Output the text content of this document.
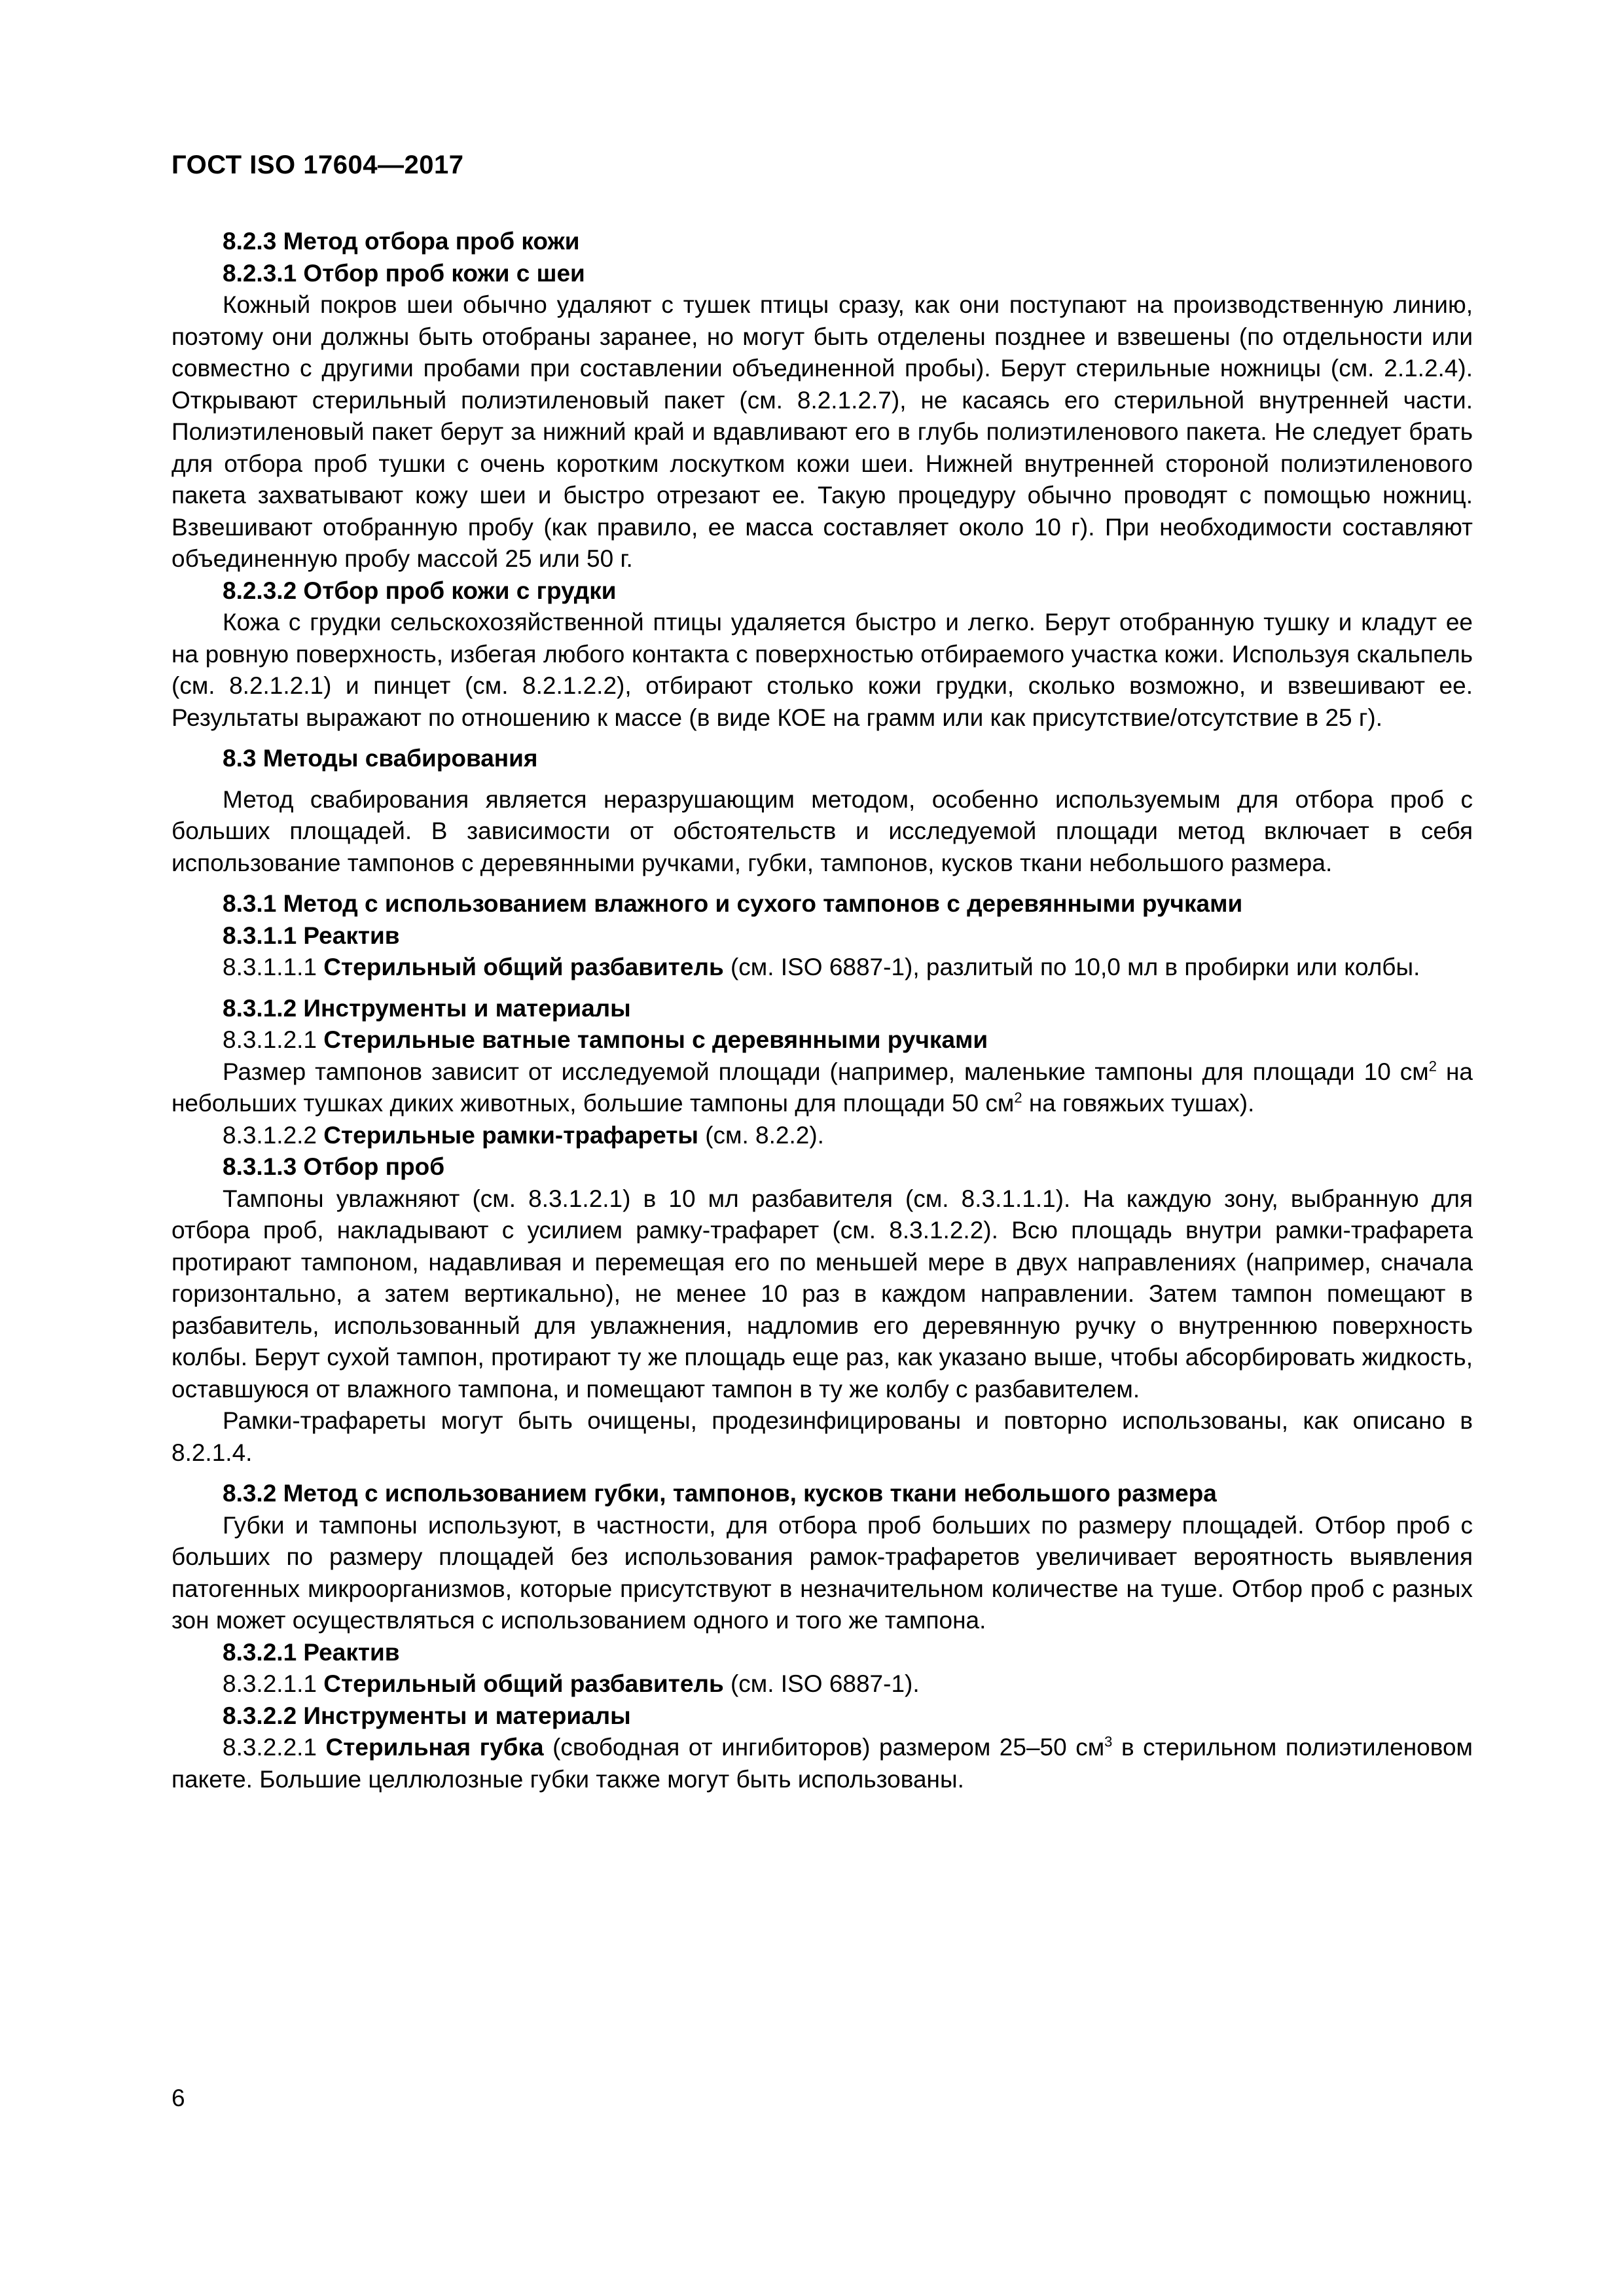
ГОСТ ISO 17604—2017

8.2.3 Метод отбора проб кожи

8.2.3.1 Отбор проб кожи с шеи

Кожный покров шеи обычно удаляют с тушек птицы сразу, как они поступают на производственную линию, поэтому они должны быть отобраны заранее, но могут быть отделены позднее и взвешены (по отдельности или совместно с другими пробами при составлении объединенной пробы). Берут стерильные ножницы (см. 2.1.2.4). Открывают стерильный полиэтиленовый пакет (см. 8.2.1.2.7), не касаясь его стерильной внутренней части. Полиэтиленовый пакет берут за нижний край и вдавливают его в глубь полиэтиленового пакета. Не следует брать для отбора проб тушки с очень коротким лоскутком кожи шеи. Нижней внутренней стороной полиэтиленового пакета захватывают кожу шеи и быстро отрезают ее. Такую процедуру обычно проводят с помощью ножниц. Взвешивают отобранную пробу (как правило, ее масса составляет около 10 г). При необходимости составляют объединенную пробу массой 25 или 50 г.

8.2.3.2 Отбор проб кожи с грудки

Кожа с грудки сельскохозяйственной птицы удаляется быстро и легко. Берут отобранную тушку и кладут ее на ровную поверхность, избегая любого контакта с поверхностью отбираемого участка кожи. Используя скальпель (см. 8.2.1.2.1) и пинцет (см. 8.2.1.2.2), отбирают столько кожи грудки, сколько возможно, и взвешивают ее. Результаты выражают по отношению к массе (в виде КОЕ на грамм или как присутствие/отсутствие в 25 г).

8.3 Методы свабирования

Метод свабирования является неразрушающим методом, особенно используемым для отбора проб с больших площадей. В зависимости от обстоятельств и исследуемой площади метод включает в себя использование тампонов с деревянными ручками, губки, тампонов, кусков ткани небольшого размера.

8.3.1 Метод с использованием влажного и сухого тампонов с деревянными ручками

8.3.1.1 Реактив

8.3.1.1.1 Стерильный общий разбавитель (см. ISO 6887-1), разлитый по 10,0 мл в пробирки или колбы.

8.3.1.2 Инструменты и материалы

8.3.1.2.1 Стерильные ватные тампоны с деревянными ручками

Размер тампонов зависит от исследуемой площади (например, маленькие тампоны для площади 10 $см^2$ на небольших тушках диких животных, большие тампоны для площади 50 $см^2$ на говяжьих тушах).

8.3.1.2.2 Стерильные рамки-трафареты (см. 8.2.2).

8.3.1.3 Отбор проб

Тампоны увлажняют (см. 8.3.1.2.1) в 10 мл разбавителя (см. 8.3.1.1.1). На каждую зону, выбранную для отбора проб, накладывают с усилием рамку-трафарет (см. 8.3.1.2.2). Всю площадь внутри рамки-трафарета протирают тампоном, надавливая и перемещая его по меньшей мере в двух направлениях (например, сначала горизонтально, а затем вертикально), не менее 10 раз в каждом направлении. Затем тампон помещают в разбавитель, использованный для увлажнения, надломив его деревянную ручку о внутреннюю поверхность колбы. Берут сухой тампон, протирают ту же площадь еще раз, как указано выше, чтобы абсорбировать жидкость, оставшуюся от влажного тампона, и помещают тампон в ту же колбу с разбавителем.

Рамки-трафареты могут быть очищены, продезинфицированы и повторно использованы, как описано в 8.2.1.4.

8.3.2 Метод с использованием губки, тампонов, кусков ткани небольшого размера

Губки и тампоны используют, в частности, для отбора проб больших по размеру площадей. Отбор проб с больших по размеру площадей без использования рамок-трафаретов увеличивает вероятность выявления патогенных микроорганизмов, которые присутствуют в незначительном количестве на туше. Отбор проб с разных зон может осуществляться с использованием одного и того же тампона.

8.3.2.1 Реактив

8.3.2.1.1 Стерильный общий разбавитель (см. ISO 6887-1).

8.3.2.2 Инструменты и материалы

8.3.2.2.1 Стерильная губка (свободная от ингибиторов) размером 25–50 $см^3$ в стерильном полиэтиленовом пакете. Большие целлюлозные губки также могут быть использованы.

6
